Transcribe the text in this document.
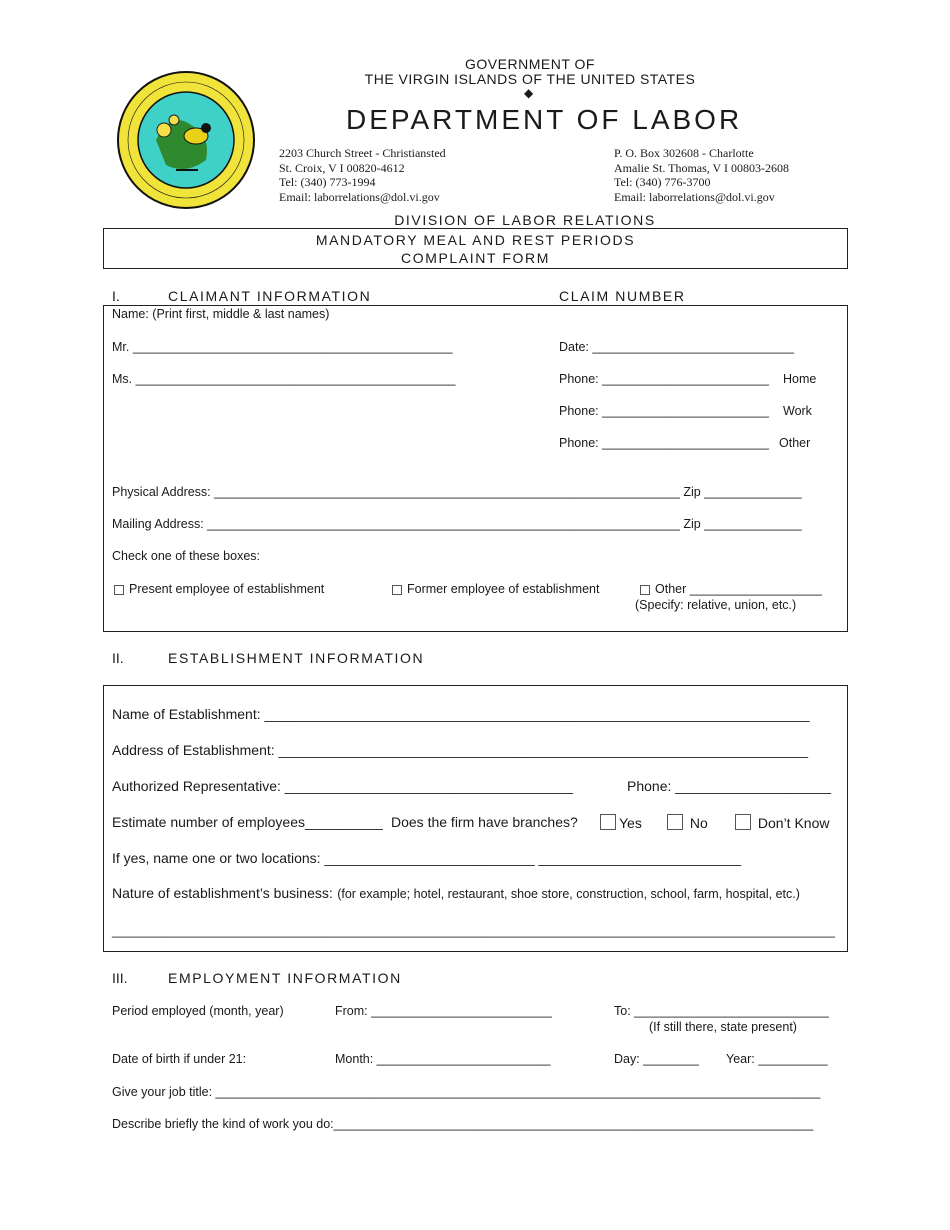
GOVERNMENT OF
THE VIRGIN ISLANDS OF THE UNITED STATES
◆
DEPARTMENT OF LABOR
2203 Church Street - Christiansted
St. Croix, V I 00820-4612
Tel: (340) 773-1994
Email: laborrelations@dol.vi.gov
P. O. Box 302608 - Charlotte
Amalie St. Thomas, V I 00803-2608
Tel: (340) 776-3700
Email: laborrelations@dol.vi.gov
DIVISION OF LABOR RELATIONS
MANDATORY MEAL AND REST PERIODS
COMPLAINT FORM
I.	CLAIMANT INFORMATION	CLAIM NUMBER
Name: (Print first, middle & last names)
Mr. ______________________________________________
Ms. ______________________________________________
Date: _____________________________
Phone: ________________________ Home
Phone: ________________________ Work
Phone: ________________________ Other
Physical Address: ___________________________________________________________________ Zip ______________
Mailing Address: ____________________________________________________________________ Zip ______________
Check one of these boxes:
Present employee of establishment	Former employee of establishment	Other ___________________
(Specify: relative, union, etc.)
II.	ESTABLISHMENT INFORMATION
Name of Establishment: ______________________________________________________________________
Address of Establishment: ____________________________________________________________________
Authorized Representative: _____________________________________	Phone: ____________________
Estimate number of employees__________ Does the firm have branches?	Yes	No	Don’t Know
If yes, name one or two locations: ___________________________ __________________________
Nature of establishment’s business: (for example; hotel, restaurant, shoe store, construction, school, farm, hospital, etc.)
________________________________________________________________________________________________________
III.	EMPLOYMENT INFORMATION
Period employed (month, year)	From: __________________________	To: ____________________________
(If still there, state present)
Date of birth if under 21:	Month: _________________________	Day: ________ Year: __________
Give your job title: _______________________________________________________________________________________
Describe briefly the kind of work you do:_____________________________________________________________________
